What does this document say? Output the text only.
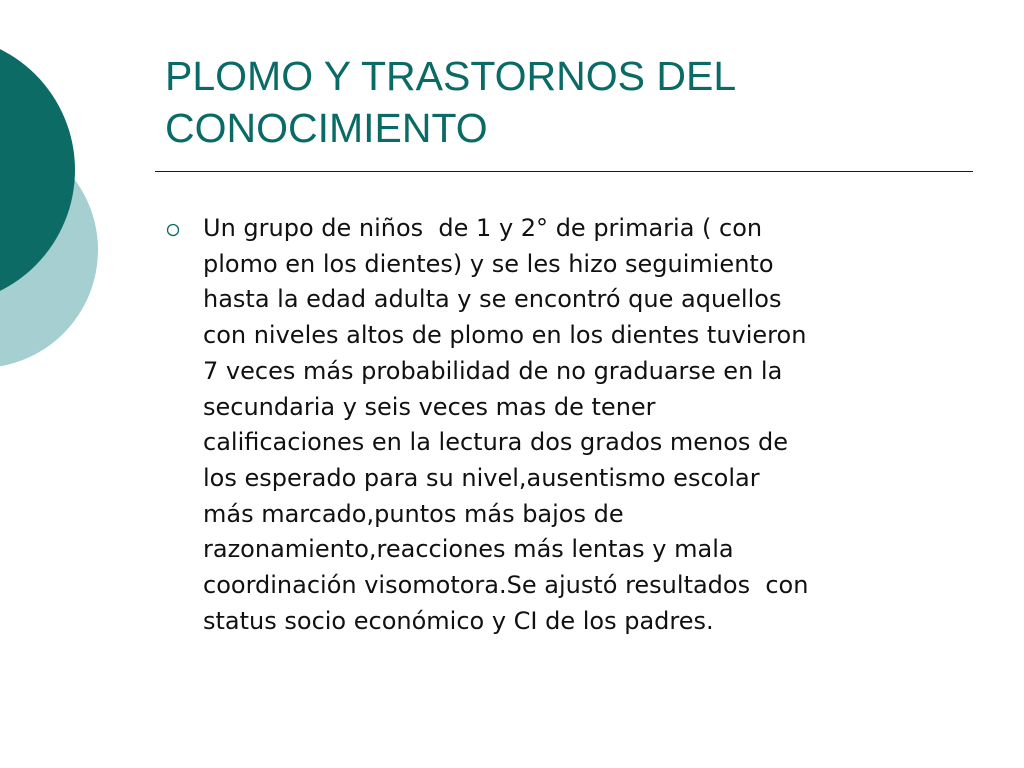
PLOMO Y TRASTORNOS DEL
CONOCIMIENTO

Un grupo de niños  de 1 y 2° de primaria ( con
plomo en los dientes) y se les hizo seguimiento
hasta la edad adulta y se encontró que aquellos
con niveles altos de plomo en los dientes tuvieron
7 veces más probabilidad de no graduarse en la
secundaria y seis veces mas de tener
calificaciones en la lectura dos grados menos de
los esperado para su nivel,ausentismo escolar
más marcado,puntos más bajos de
razonamiento,reacciones más lentas y mala
coordinación visomotora.Se ajustó resultados  con
status socio económico y CI de los padres.
